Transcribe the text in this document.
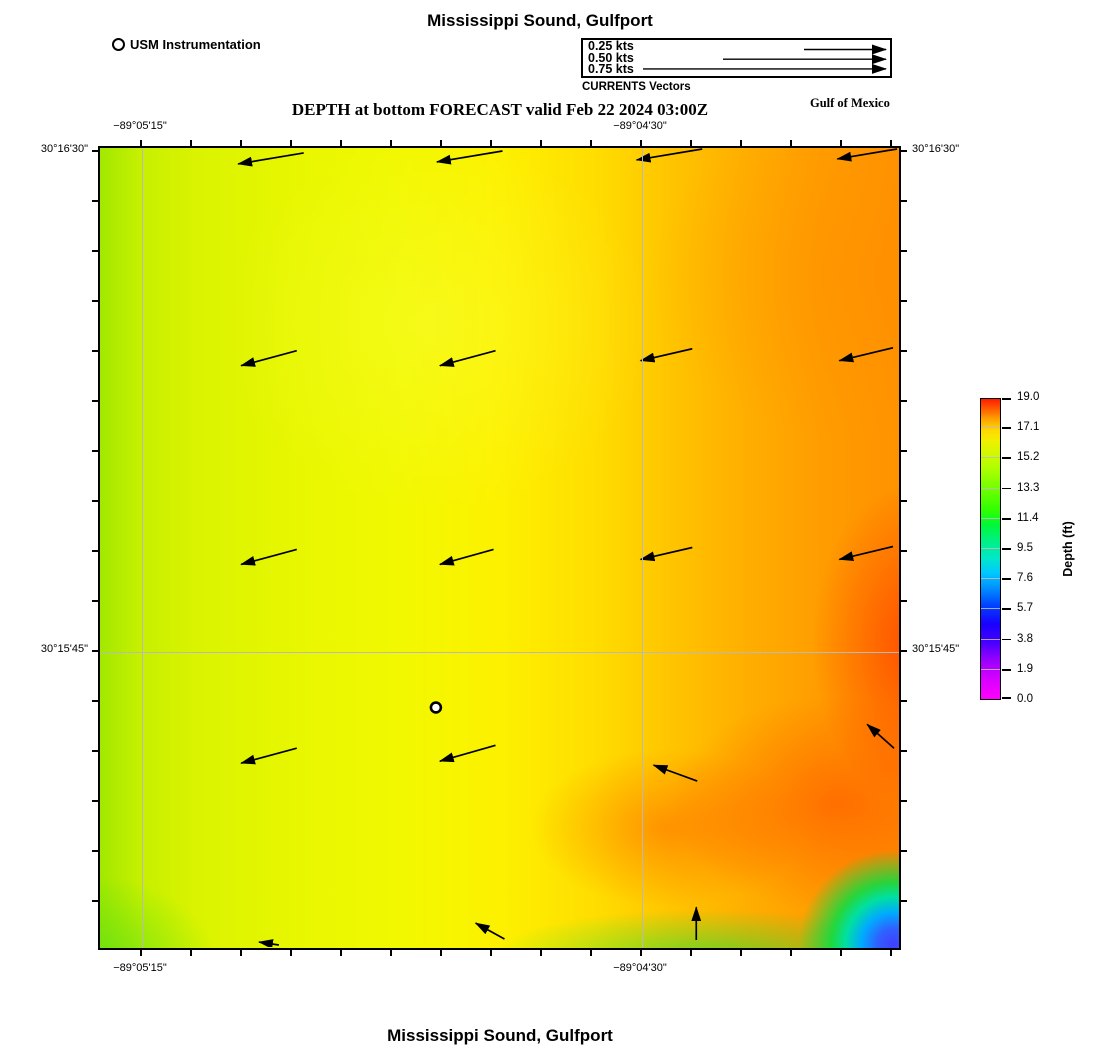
Mississippi Sound, Gulfport
USM Instrumentation	0.25 kts
0.50 kts
0.75 kts
CURRENTS Vectors
DEPTH at bottom FORECAST valid Feb 22 2024 03:00Z	Gulf of Mexico
−89°05'15"
−89°05'15"
−89°04'30"
−89°04'30"
30°16'30"	30°16'30"
30°15'45"	30°15'45"
Depth (ft)
19.0
17.1
15.2
13.3
11.4
9.5
7.6
5.7
3.8
1.9
0.0
Mississippi Sound, Gulfport
